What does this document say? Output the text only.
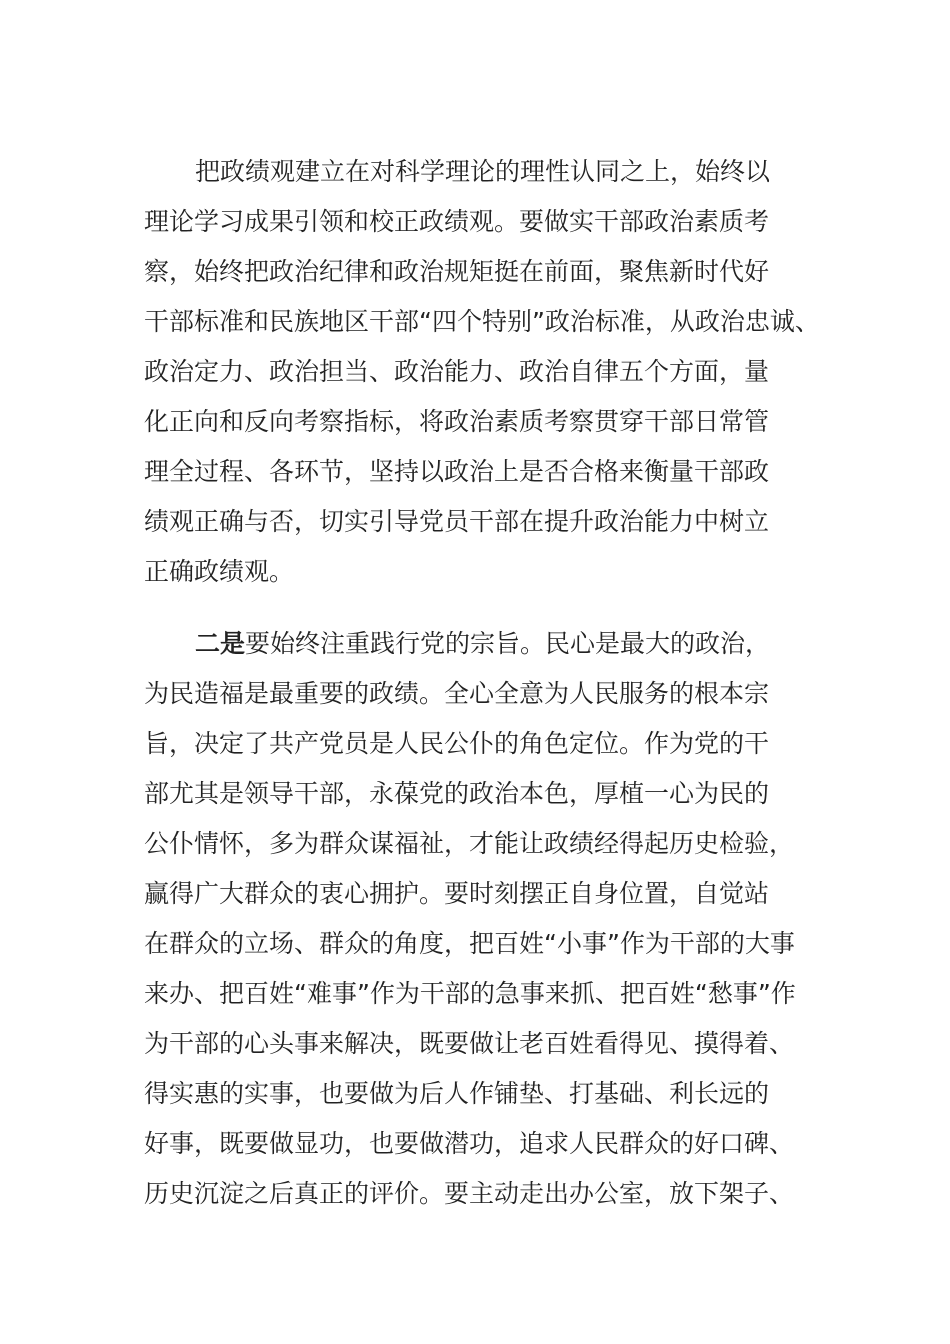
把政绩观建立在对科学理论的理性认同之上，始终以
理论学习成果引领和校正政绩观。要做实干部政治素质考
察，始终把政治纪律和政治规矩挺在前面，聚焦新时代好
干部标准和民族地区干部“四个特别”政治标准，从政治忠诚、
政治定力、政治担当、政治能力、政治自律五个方面，量
化正向和反向考察指标，将政治素质考察贯穿干部日常管
理全过程、各环节，坚持以政治上是否合格来衡量干部政
绩观正确与否，切实引导党员干部在提升政治能力中树立
正确政绩观。
二是要始终注重践行党的宗旨。民心是最大的政治，
为民造福是最重要的政绩。全心全意为人民服务的根本宗
旨，决定了共产党员是人民公仆的角色定位。作为党的干
部尤其是领导干部，永葆党的政治本色，厚植一心为民的
公仆情怀，多为群众谋福祉，才能让政绩经得起历史检验，
赢得广大群众的衷心拥护。要时刻摆正自身位置，自觉站
在群众的立场、群众的角度，把百姓“小事”作为干部的大事
来办、把百姓“难事”作为干部的急事来抓、把百姓“愁事”作
为干部的心头事来解决，既要做让老百姓看得见、摸得着、
得实惠的实事，也要做为后人作铺垫、打基础、利长远的
好事，既要做显功，也要做潜功，追求人民群众的好口碑、
历史沉淀之后真正的评价。要主动走出办公室，放下架子、
